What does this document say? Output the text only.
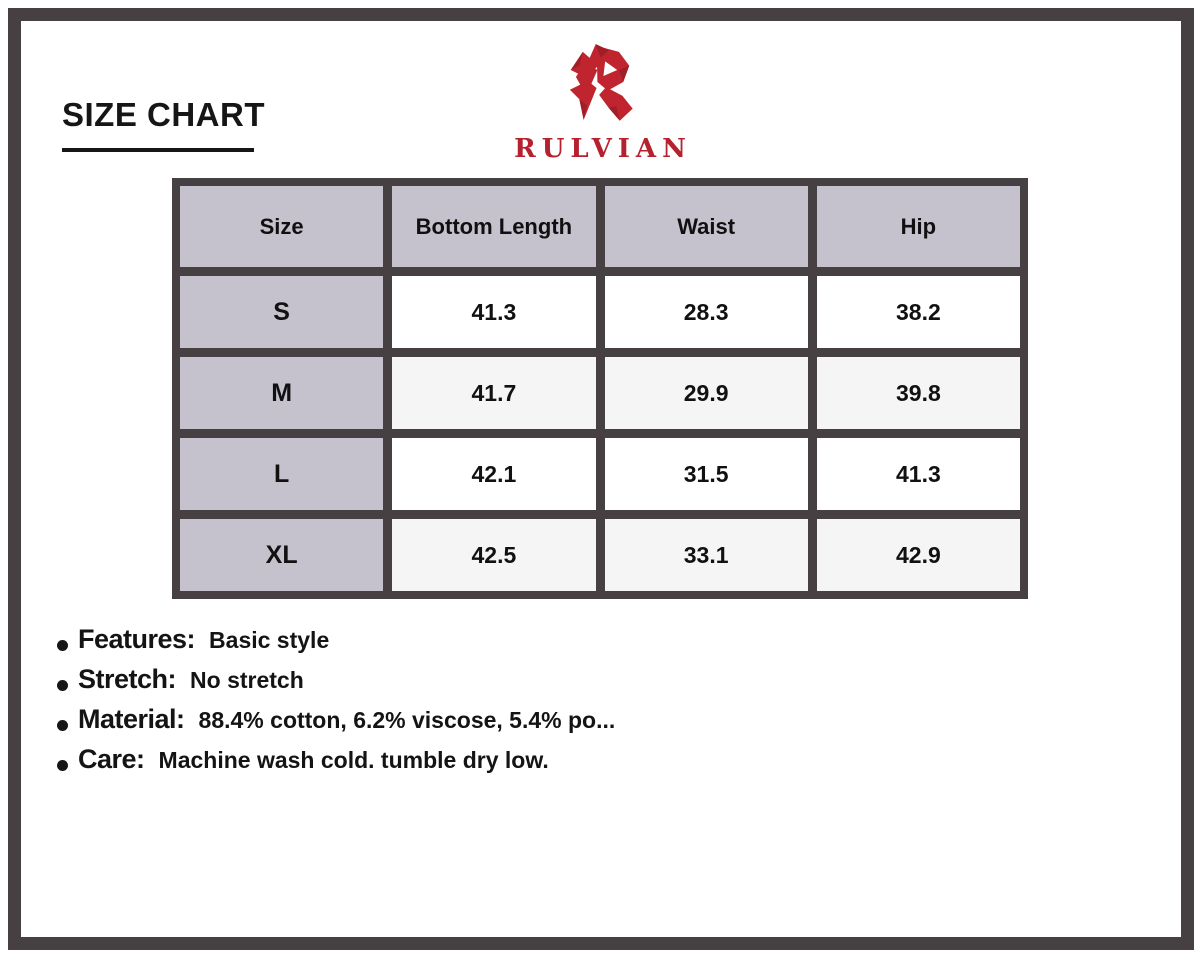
SIZE CHART
RULVIAN
Size	Bottom Length	Waist	Hip
S	41.3	28.3	38.2
M	41.7	29.9	39.8
L	42.1	31.5	41.3
XL	42.5	33.1	42.9
Features: Basic style
Stretch: No stretch
Material: 88.4% cotton, 6.2% viscose, 5.4% po...
Care: Machine wash cold. tumble dry low.
